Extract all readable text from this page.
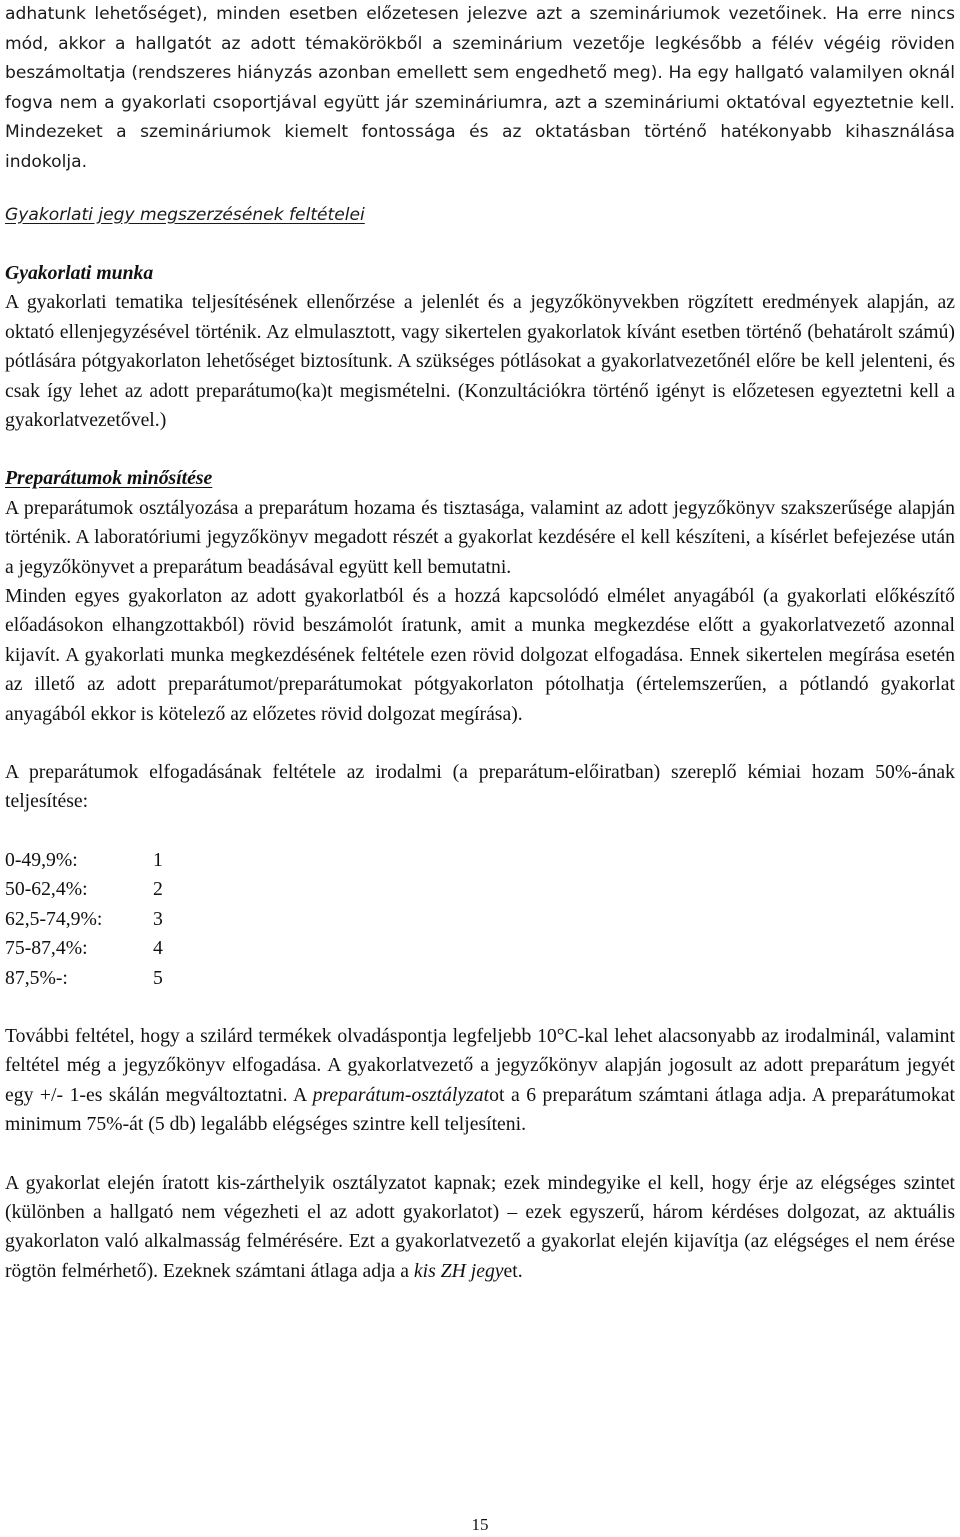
adhatunk lehetőséget), minden esetben előzetesen jelezve azt a szemináriumok vezetőinek. Ha erre nincs mód, akkor a hallgatót az adott témakörökből a szeminárium vezetője legkésőbb a félév végéig röviden beszámoltatja (rendszeres hiányzás azonban emellett sem engedhető meg). Ha egy hallgató valamilyen oknál fogva nem a gyakorlati csoportjával együtt jár szemináriumra, azt a szemináriumi oktatóval egyeztetnie kell. Mindezeket a szemináriumok kiemelt fontossága és az oktatásban történő hatékonyabb kihasználása indokolja.

Gyakorlati jegy megszerzésének feltételei

Gyakorlati munka

A gyakorlati tematika teljesítésének ellenőrzése a jelenlét és a jegyzőkönyvekben rögzített eredmények alapján, az oktató ellenjegyzésével történik. Az elmulasztott, vagy sikertelen gyakorlatok kívánt esetben történő (behatárolt számú) pótlására pótgyakorlaton lehetőséget biztosítunk. A szükséges pótlásokat a gyakorlatvezetőnél előre be kell jelenteni, és csak így lehet az adott preparátumo(ka)t megismételni. (Konzultációkra történő igényt is előzetesen egyeztetni kell a gyakorlatvezetővel.)

Preparátumok minősítése

A preparátumok osztályozása a preparátum hozama és tisztasága, valamint az adott jegyzőkönyv szakszerűsége alapján történik. A laboratóriumi jegyzőkönyv megadott részét a gyakorlat kezdésére el kell készíteni, a kísérlet befejezése után a jegyzőkönyvet a preparátum beadásával együtt kell bemutatni.

Minden egyes gyakorlaton az adott gyakorlatból és a hozzá kapcsolódó elmélet anyagából (a gyakorlati előkészítő előadásokon elhangzottakból) rövid beszámolót íratunk, amit a munka megkezdése előtt a gyakorlatvezető azonnal kijavít. A gyakorlati munka megkezdésének feltétele ezen rövid dolgozat elfogadása. Ennek sikertelen megírása esetén az illető az adott preparátumot/preparátumokat pótgyakorlaton pótolhatja (értelemszerűen, a pótlandó gyakorlat anyagából ekkor is kötelező az előzetes rövid dolgozat megírása).

A preparátumok elfogadásának feltétele az irodalmi (a preparátum-előiratban) szereplő kémiai hozam 50%-ának teljesítése:

0-49,9%:	1
50-62,4%:	2
62,5-74,9%:	3
75-87,4%:	4
87,5%-:	5

További feltétel, hogy a szilárd termékek olvadáspontja legfeljebb 10°C-kal lehet alacsonyabb az irodalminál, valamint feltétel még a jegyzőkönyv elfogadása. A gyakorlatvezető a jegyzőkönyv alapján jogosult az adott preparátum jegyét egy +/- 1-es skálán megváltoztatni. A preparátum-osztályzatot a 6 preparátum számtani átlaga adja. A preparátumokat minimum 75%-át (5 db) legalább elégséges szintre kell teljesíteni.

A gyakorlat elején íratott kis-zárthelyik osztályzatot kapnak; ezek mindegyike el kell, hogy érje az elégséges szintet (különben a hallgató nem végezheti el az adott gyakorlatot) – ezek egyszerű, három kérdéses dolgozat, az aktuális gyakorlaton való alkalmasság felmérésére. Ezt a gyakorlatvezető a gyakorlat elején kijavítja (az elégséges el nem érése rögtön felmérhető). Ezeknek számtani átlaga adja a kis ZH jegyet.

15
